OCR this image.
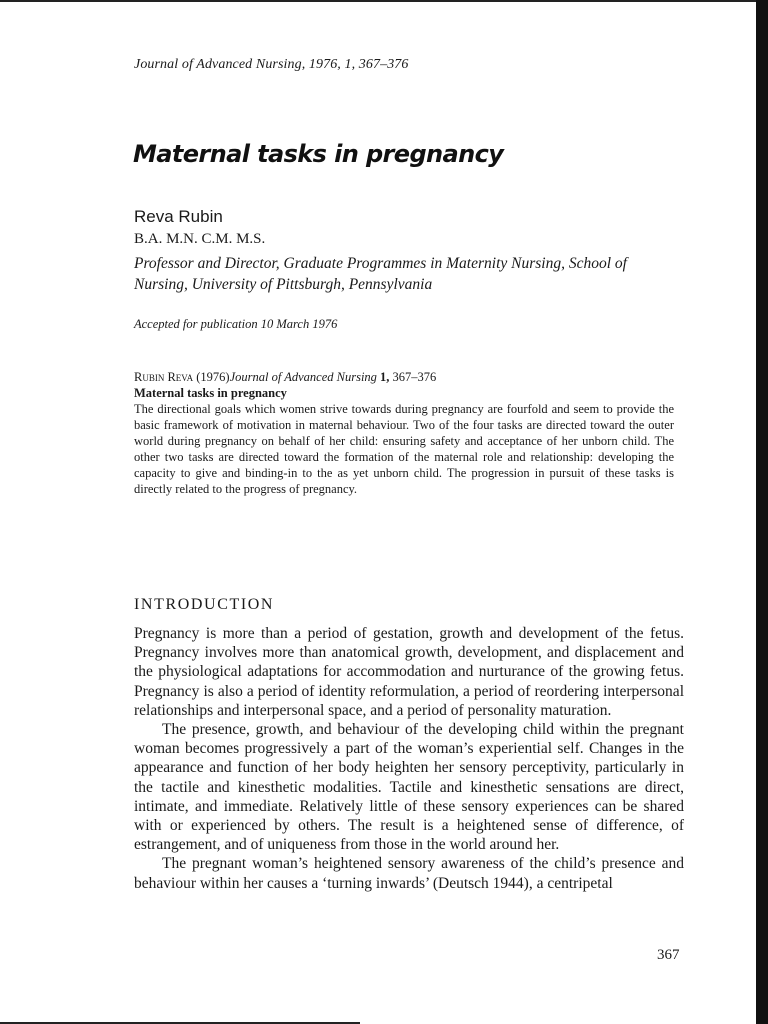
Journal of Advanced Nursing, 1976, 1, 367–376
Maternal tasks in pregnancy
Reva Rubin
B.A. M.N. C.M. M.S.
Professor and Director, Graduate Programmes in Maternity Nursing, School of Nursing, University of Pittsburgh, Pennsylvania
Accepted for publication 10 March 1976
Rubin Reva (1976)Journal of Advanced Nursing 1, 367–376
Maternal tasks in pregnancy
The directional goals which women strive towards during pregnancy are fourfold and seem to provide the basic framework of motivation in maternal behaviour. Two of the four tasks are directed toward the outer world during pregnancy on behalf of her child: ensuring safety and acceptance of her unborn child. The other two tasks are directed toward the formation of the maternal role and relationship: developing the capacity to give and binding-in to the as yet unborn child. The progression in pursuit of these tasks is directly related to the progress of pregnancy.
INTRODUCTION

Pregnancy is more than a period of gestation, growth and development of the fetus. Pregnancy involves more than anatomical growth, development, and displacement and the physiological adaptations for accommodation and nurturance of the growing fetus. Pregnancy is also a period of identity reformulation, a period of reordering interpersonal relationships and interpersonal space, and a period of personality maturation.

The presence, growth, and behaviour of the developing child within the pregnant woman becomes progressively a part of the woman’s experiential self. Changes in the appearance and function of her body heighten her sensory perceptivity, particularly in the tactile and kinesthetic modalities. Tactile and kinesthetic sensations are direct, intimate, and immediate. Relatively little of these sensory experiences can be shared with or experienced by others. The result is a heightened sense of difference, of estrangement, and of uniqueness from those in the world around her.

The pregnant woman’s heightened sensory awareness of the child’s presence and behaviour within her causes a ‘turning inwards’ (Deutsch 1944), a centripetal

367
